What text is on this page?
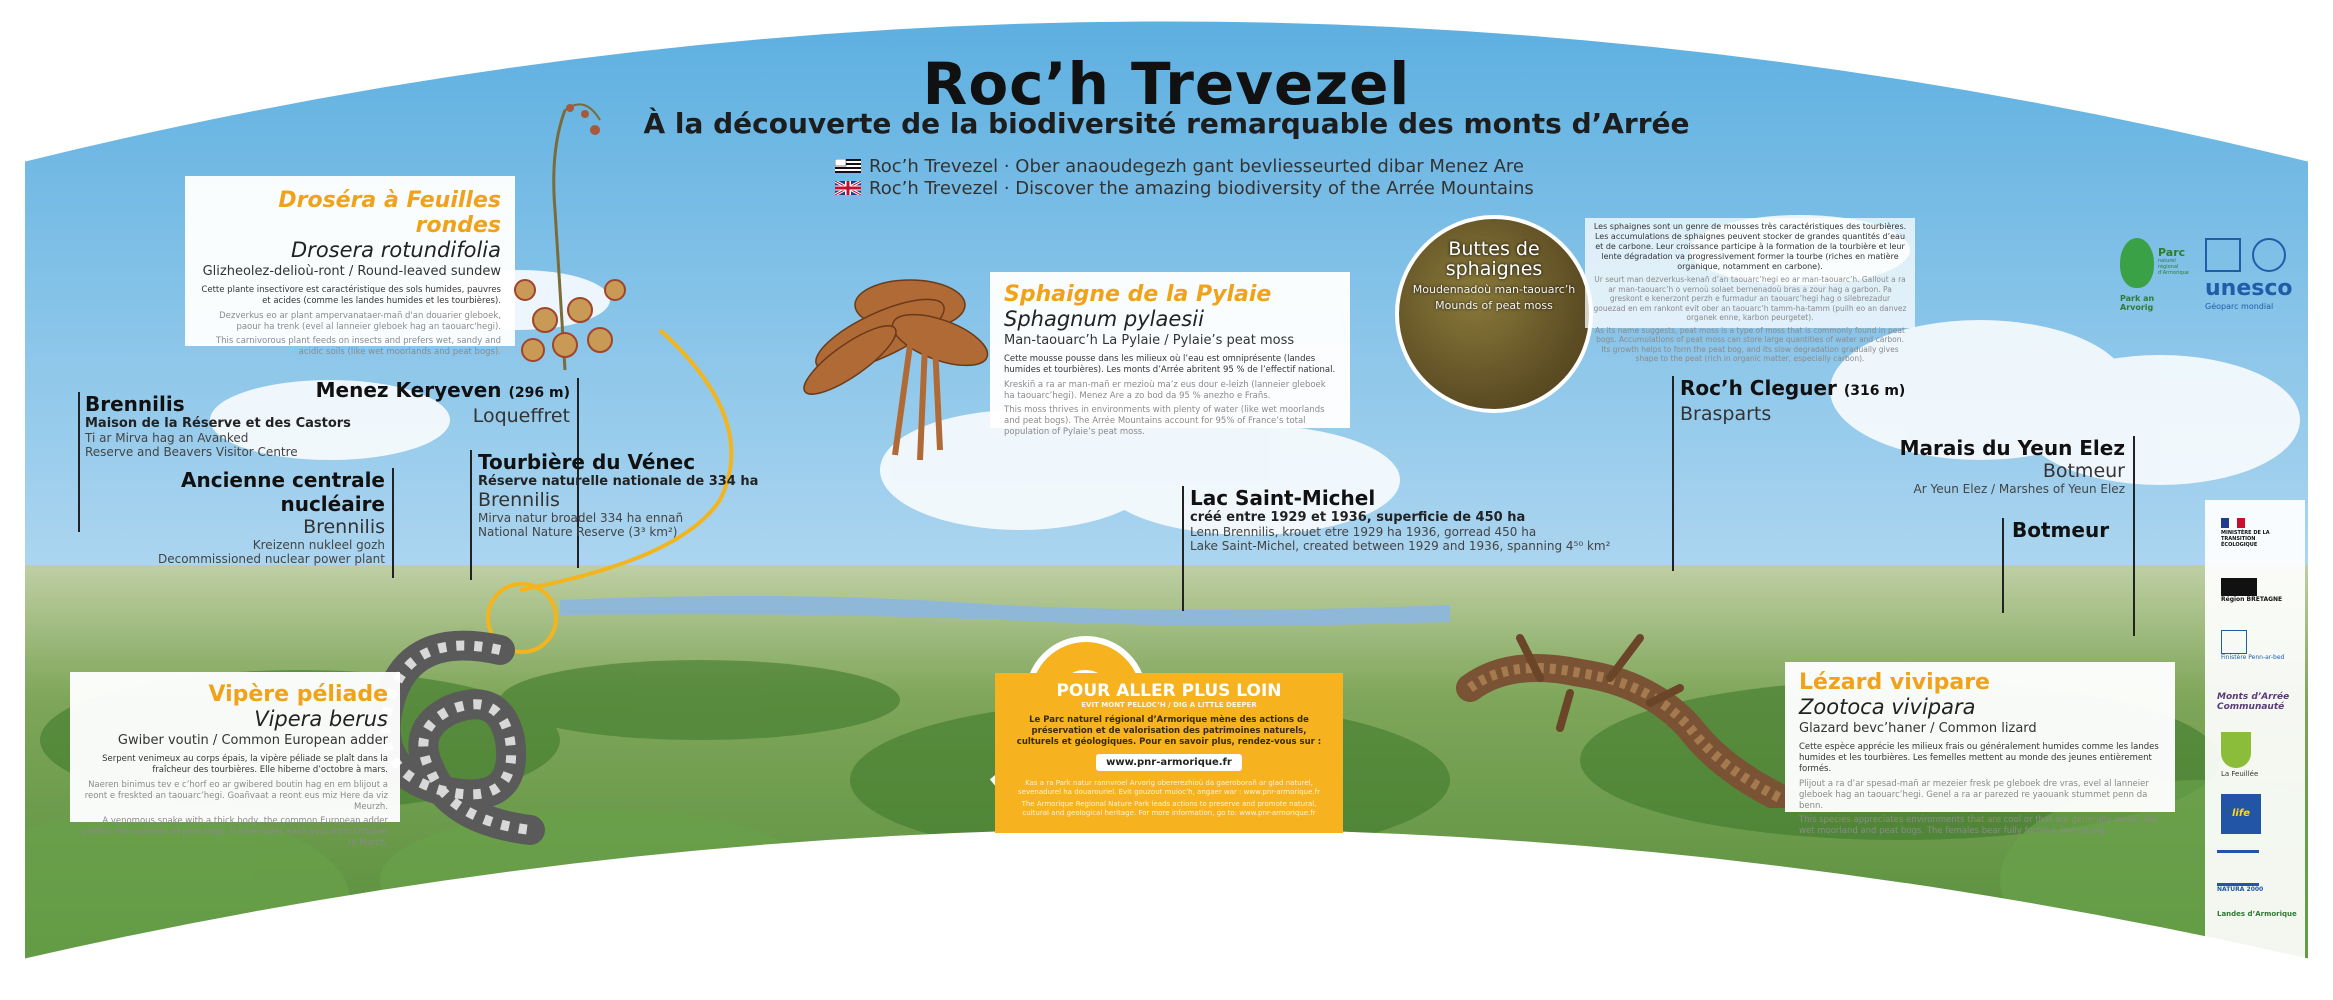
Roc’h Trevezel
À la découverte de la biodiversité remarquable des monts d’Arrée
Roc’h Trevezel · Ober anaoudegezh gant bevliesseurted dibar Menez Are
Roc’h Trevezel · Discover the amazing biodiversity of the Arrée Mountains
Droséra à Feuilles rondes
Drosera rotundifolia
Glizheolez-delioù-ront / Round-leaved sundew
Cette plante insectivore est caractéristique des sols humides, pauvres et acides (comme les landes humides et les tourbières).
Dezverkus eo ar plant ampervanataer-mañ d'an douarier gleboek, paour ha trenk (evel al lanneier gleboek hag an taouarc'hegi).
This carnivorous plant feeds on insects and prefers wet, sandy and acidic soils (like wet moorlands and peat bogs).
Sphaigne de la Pylaie
Sphagnum pylaesii
Man-taouarc’h La Pylaie / Pylaie’s peat moss
Cette mousse pousse dans les milieux où l’eau est omniprésente (landes humides et tourbières). Les monts d’Arrée abritent 95 % de l’effectif national.
Kreskiñ a ra ar man-mañ er mezioù ma’z eus dour e-leizh (lanneier gleboek ha taouarc’hegi). Menez Are a zo bod da 95 % anezho e Frañs.
This moss thrives in environments with plenty of water (like wet moorlands and peat bogs). The Arrée Mountains account for 95% of France’s total population of Pylaie’s peat moss.
Buttes de sphaignes
Moudennadoù man-taouarc’h
Mounds of peat moss
Les sphaignes sont un genre de mousses très caractéristiques des tourbières. Les accumulations de sphaignes peuvent stocker de grandes quantités d’eau et de carbone. Leur croissance participe à la formation de la tourbière et leur lente dégradation va progressivement former la tourbe (riches en matière organique, notamment en carbone).
Ur seurt man dezverkus-kenañ d’an taouarc’hegi eo ar man-taouarc’h. Gallout a ra ar man-taouarc’h o vernoù solaet bernenadoù bras a zour hag a garbon. Pa greskont e kenerzont perzh e furmadur an taouarc’hegi hag o silebrezadur gouezad en em rankont evit ober an taouarc’h tamm-ha-tamm (puilh eo an danvez organek enne, karbon peurgetet).
As its name suggests, peat moss is a type of moss that is commonly found in peat bogs. Accumulations of peat moss can store large quantities of water and carbon. Its growth helps to form the peat bog, and its slow degradation gradually gives shape to the peat (rich in organic matter, especially carbon).
Parc
naturel régional d’Armorique
Park an Arvorig

unesco
Géoparc mondial
Brennilis
Maison de la Réserve et des Castors
Ti ar Mirva hag an Avanked
Reserve and Beavers Visitor Centre
Menez Keryeven (296 m)
Loqueffret
Ancienne centrale nucléaire
Brennilis
Kreizenn nukleel gozh
Decommissioned nuclear power plant
Tourbière du Vénec
Réserve naturelle nationale de 334 ha
Brennilis
Mirva natur broadel 334 ha ennañ
National Nature Reserve (3³ km²)
Lac Saint-Michel
créé entre 1929 et 1936, superficie de 450 ha
Lenn Brennilis, krouet etre 1929 ha 1936, gorread 450 ha
Lake Saint-Michel, created between 1929 and 1936, spanning 4⁵⁰ km²
Roc’h Cleguer (316 m)
Brasparts
Marais du Yeun Elez
Botmeur
Ar Yeun Elez / Marshes of Yeun Elez
Botmeur
Vipère péliade
Vipera berus
Gwiber voutin / Common European adder
Serpent venimeux au corps épais, la vipère péliade se plaît dans la fraîcheur des tourbières. Elle hiberne d’octobre à mars.
Naeren binimus tev e c’horf eo ar gwibered boutin hag en em blijout a reont e freskted an taouarc’hegi. Goañvaat a reont eus miz Here da viz Meurzh.
A venomous snake with a thick body, the common European adder prefers the coolness of peat bogs. It hibernates each year from October to March.
POUR ALLER PLUS LOIN
EVIT MONT PELLOC’H / DIG A LITTLE DEEPER
Le Parc naturel régional d’Armorique mène des actions de préservation et de valorisation des patrimoines naturels, culturels et géologiques. Pour en savoir plus, rendez-vous sur :
www.pnr-armorique.fr
Kas a ra Park natur rannvroel Arvorig obererezhioù da gaeroborañ ar glad naturel, sevenadurel ha douarouriel. Evit gouzout muioc’h, angaer war : www.pnr-armorique.fr
The Armorique Regional Nature Park leads actions to preserve and promote natural, cultural and geological heritage. For more information, go to: www.pnr-armorique.fr
Lézard vivipare
Zootoca vivipara
Glazard bevc’haner / Common lizard
Cette espèce apprécie les milieux frais ou généralement humides comme les landes humides et les tourbières. Les femelles mettent au monde des jeunes entièrement formés.
Plijout a ra d’ar spesad-mañ ar mezeier fresk pe gleboek dre vras, evel al lanneier gleboek hag an taouarc’hegi. Genel a ra ar parezed re yaouank stummet penn da benn.
This species appreciates environments that are cool or that are generally moist, like wet moorland and peat bogs. The females bear fully formed, live young.
MINISTÈRE DE LA TRANSITION ÉCOLOGIQUE
Région BRETAGNE
Finistère Penn-ar-bed
Monts d’Arrée Communauté
La Feuillée
life
NATURA 2000
Landes d’Armorique
